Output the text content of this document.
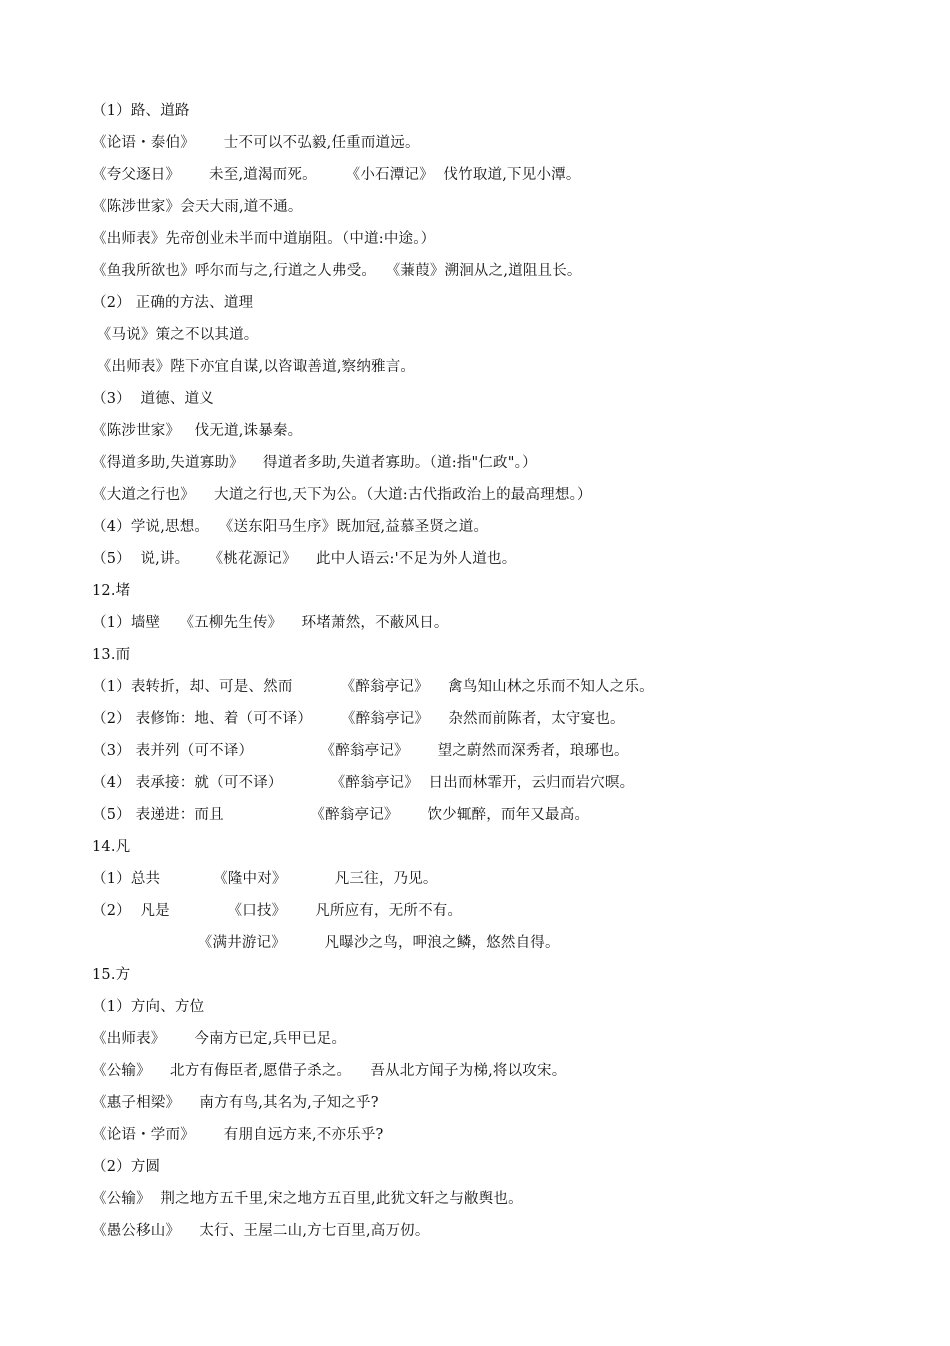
（1）路、道路
《论语・泰伯》      士不可以不弘毅,任重而道远。
《夸父逐日》      未至,道渴而死。      《小石潭记》  伐竹取道,下见小潭。
《陈涉世家》会天大雨,道不通。
《出师表》先帝创业未半而中道崩阻。（中道:中途。）
《鱼我所欲也》呼尔而与之,行道之人弗受。  《蒹葭》溯洄从之,道阻且长。
（2） 正确的方法、道理
《马说》策之不以其道。
《出师表》陛下亦宜自谋,以咨诹善道,察纳雅言。
（3）  道德、道义
《陈涉世家》   伐无道,诛暴秦。
《得道多助,失道寡助》    得道者多助,失道者寡助。（道:指"仁政"。）
《大道之行也》    大道之行也,天下为公。（大道:古代指政治上的最高理想。）
（4）学说,思想。  《送东阳马生序》既加冠,益慕圣贤之道。
（5）  说,讲。    《桃花源记》    此中人语云:'不足为外人道也。
12.堵
（1）墙壁    《五柳先生传》    环堵萧然，不蔽风日。
13.而
（1）表转折，却、可是、然而          《醉翁亭记》    禽鸟知山林之乐而不知人之乐。
（2） 表修饰：地、着（可不译）      《醉翁亭记》    杂然而前陈者，太守宴也。
（3） 表并列（可不译）              《醉翁亭记》      望之蔚然而深秀者，琅琊也。
（4） 表承接：就（可不译）          《醉翁亭记》  日出而林霏开，云归而岩穴暝。
（5） 表递进：而且                  《醉翁亭记》      饮少辄醉，而年又最高。
14.凡
（1）总共           《隆中对》          凡三往，乃见。
（2）  凡是            《口技》      凡所应有，无所不有。
《满井游记》        凡曝沙之鸟，呷浪之鳞，悠然自得。
15.方
（1）方向、方位
《出师表》      今南方已定,兵甲已足。
《公输》    北方有侮臣者,愿借子杀之。    吾从北方闻子为梯,将以攻宋。
《惠子相梁》    南方有鸟,其名为,子知之乎?
《论语・学而》      有朋自远方来,不亦乐乎?
（2）方圆
《公输》  荆之地方五千里,宋之地方五百里,此犹文轩之与敝舆也。
《愚公移山》    太行、王屋二山,方七百里,高万仞。
